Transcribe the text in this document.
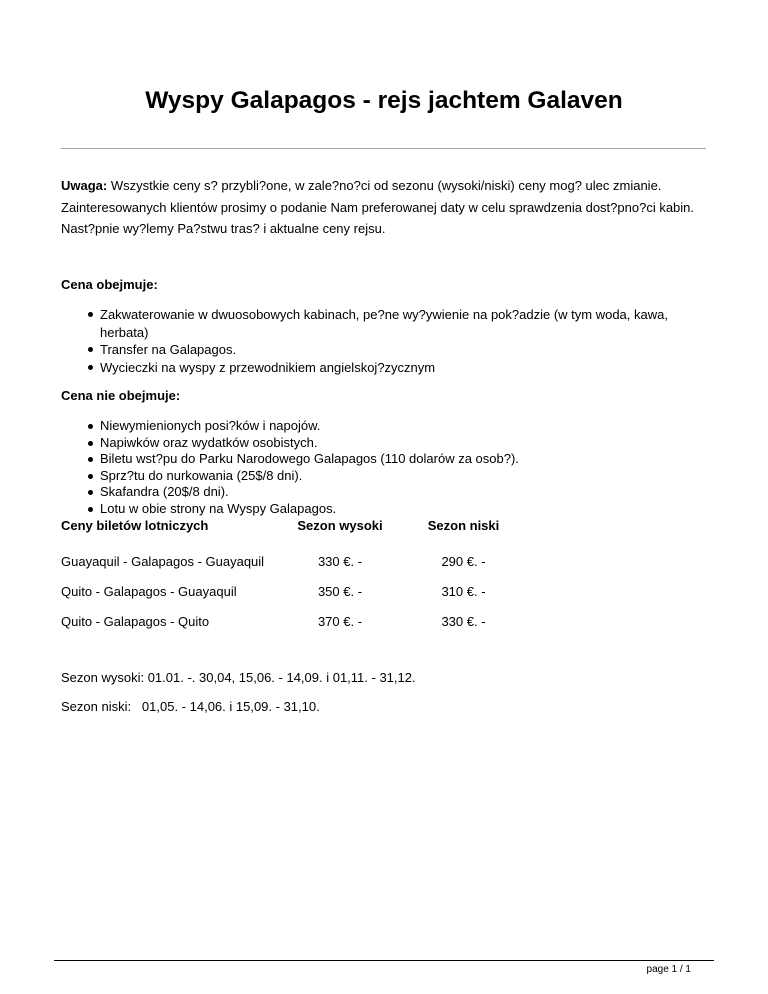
Wyspy Galapagos - rejs jachtem Galaven

Uwaga: Wszystkie ceny s? przybli?one, w zale?no?ci od sezonu (wysoki/niski) ceny mog? ulec zmianie. Zainteresowanych klientów prosimy o podanie Nam preferowanej daty w celu sprawdzenia dost?pno?ci kabin. Nast?pnie wy?lemy Pa?stwu tras? i aktualne ceny rejsu.

Cena obejmuje:

Zakwaterowanie w dwuosobowych kabinach, pe?ne wy?ywienie na pok?adzie (w tym woda, kawa, herbata)
Transfer na Galapagos.
Wycieczki na wyspy z przewodnikiem angielskoj?zycznym

Cena nie obejmuje:

Niewymienionych posi?ków i napojów.
Napiwków oraz wydatków osobistych.
Biletu wst?pu do Parku Narodowego Galapagos (110 dolarów za osob?).
Sprz?tu do nurkowania (25$/8 dni).
Skafandra (20$/8 dni).
Lotu w obie strony na Wyspy Galapagos.
Ceny biletów lotniczych	Sezon wysoki	Sezon niski
Guayaquil - Galapagos - Guayaquil	330 €. -	290 €. -
Quito - Galapagos - Guayaquil	350 €. -	310 €. -
Quito - Galapagos - Quito	370 €. -	330 €. -

Sezon wysoki: 01.01. -. 30,04, 15,06. - 14,09. i 01,11. - 31,12.

Sezon niski:   01,05. - 14,06. i 15,09. - 31,10.

page 1 / 1
